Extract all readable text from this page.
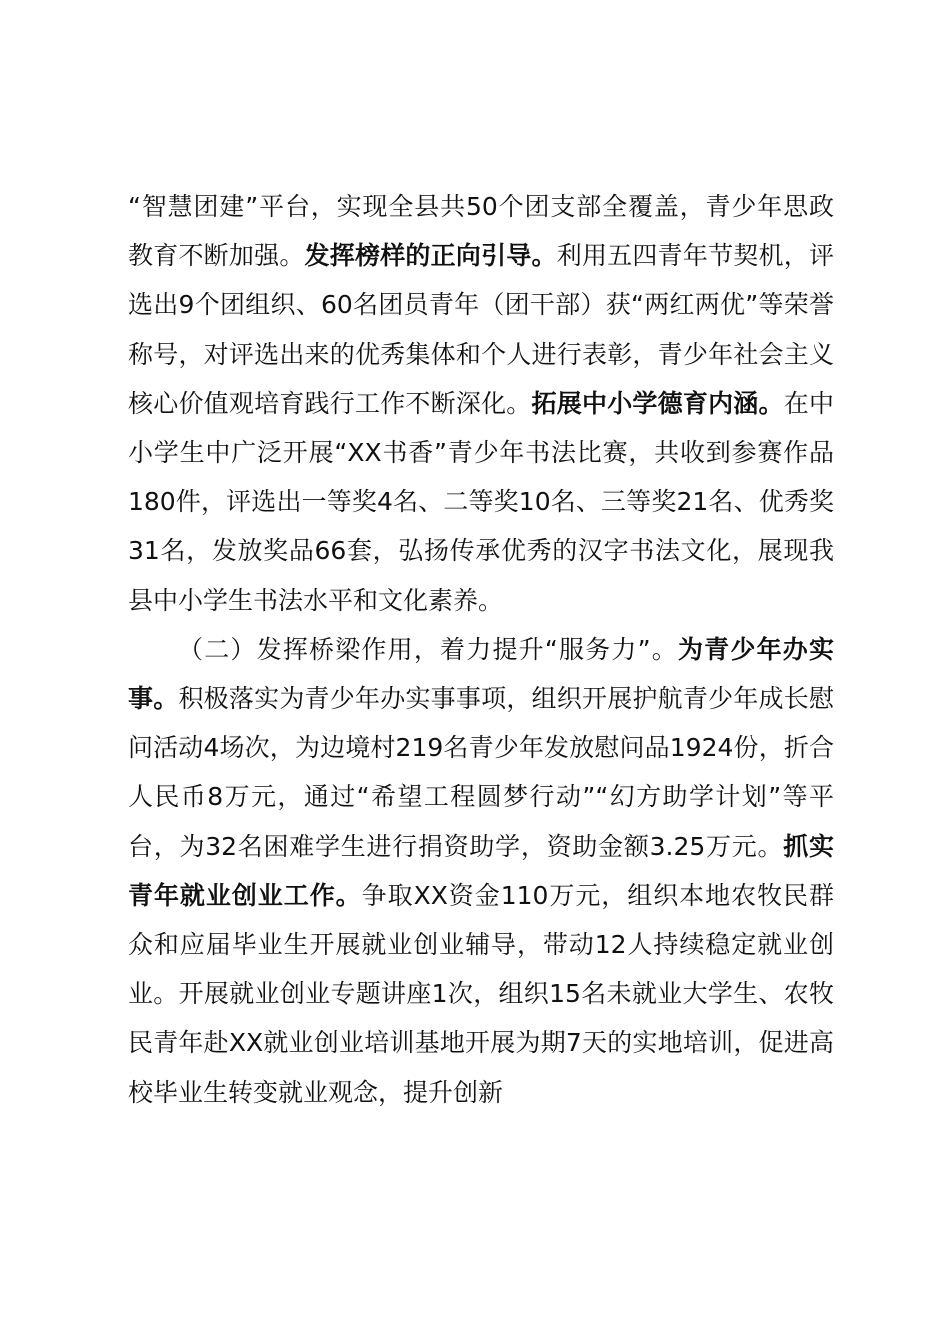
“智慧团建”平台，实现全县共50个团支部全覆盖，青少年思政教育不断加强。发挥榜样的正向引导。利用五四青年节契机，评选出9个团组织、60名团员青年（团干部）获“两红两优”等荣誉称号，对评选出来的优秀集体和个人进行表彰，青少年社会主义核心价值观培育践行工作不断深化。拓展中小学德育内涵。在中小学生中广泛开展“XX书香”青少年书法比赛，共收到参赛作品180件，评选出一等奖4名、二等奖10名、三等奖21名、优秀奖31名，发放奖品66套，弘扬传承优秀的汉字书法文化，展现我县中小学生书法水平和文化素养。

（二）发挥桥梁作用，着力提升“服务力”。为青少年办实事。积极落实为青少年办实事事项，组织开展护航青少年成长慰问活动4场次，为边境村219名青少年发放慰问品1924份，折合人民币8万元，通过“希望工程圆梦行动”“幻方助学计划”等平台，为32名困难学生进行捐资助学，资助金额3.25万元。抓实青年就业创业工作。争取XX资金110万元，组织本地农牧民群众和应届毕业生开展就业创业辅导，带动12人持续稳定就业创业。开展就业创业专题讲座1次，组织15名未就业大学生、农牧民青年赴XX就业创业培训基地开展为期7天的实地培训，促进高校毕业生转变就业观念，提升创新
